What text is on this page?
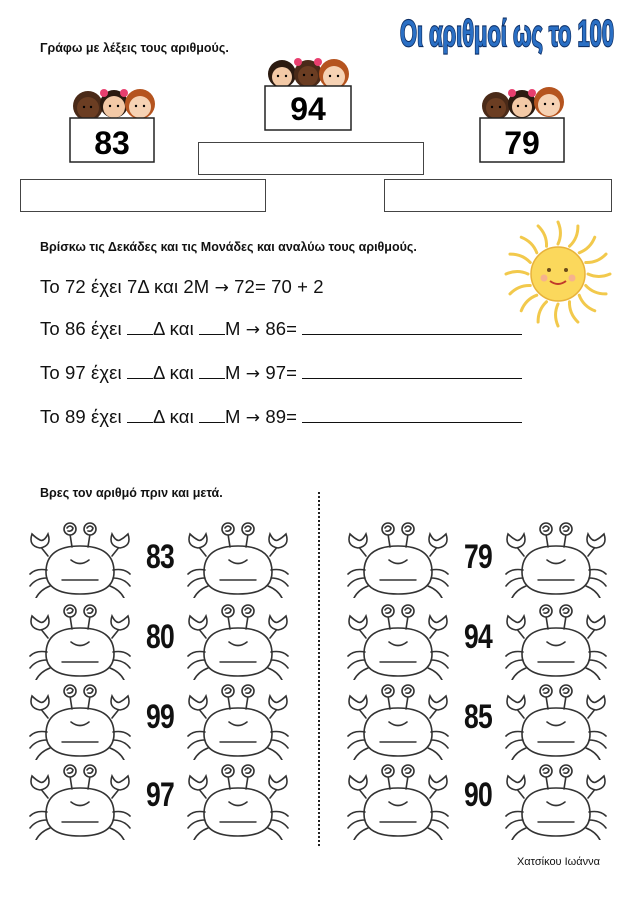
Οι αριθμοί ως το 100
Γράφω με λέξεις τους αριθμούς.
83
94
79
Βρίσκω τις Δεκάδες και τις Μονάδες και αναλύω τους αριθμούς.
Το 72 έχει 7Δ και 2Μ → 72= 70 + 2
Το 86 έχει Δ και Μ → 86=
Το 97 έχει Δ και Μ → 97=
Το 89 έχει Δ και Μ → 89=
Βρες τον αριθμό πριν και μετά.
83
80
99
97
79
94
85
90
Χατσίκου Ιωάννα
